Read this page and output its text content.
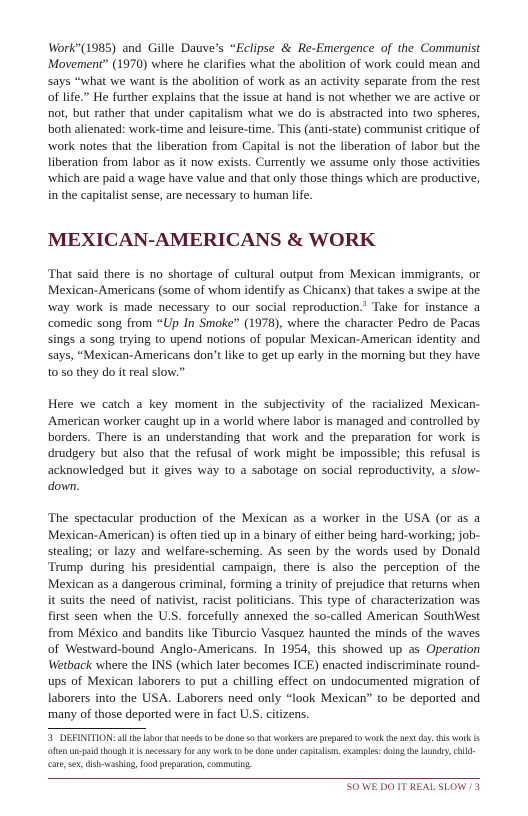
Work”(1985) and Gille Dauve’s “Eclipse & Re-Emergence of the Communist Movement” (1970) where he clarifies what the abolition of work could mean and says “what we want is the abolition of work as an activity separate from the rest of life.” He further explains that the issue at hand is not whether we are active or not, but rather that under capitalism what we do is abstracted into two spheres, both alienated: work-time and leisure-time. This (anti-state) communist critique of work notes that the liberation from Capital is not the liberation of labor but the liberation from labor as it now exists. Currently we assume only those activities which are paid a wage have value and that only those things which are productive, in the capitalist sense, are necessary to human life.

MEXICAN-AMERICANS & WORK

That said there is no shortage of cultural output from Mexican immigrants, or Mexican-Americans (some of whom identify as Chicanx) that takes a swipe at the way work is made necessary to our social reproduction.$^3$ Take for instance a comedic song from “Up In Smoke” (1978), where the character Pedro de Pacas sings a song trying to upend notions of popular Mexican-American identity and says, “Mexican-Americans don’t like to get up early in the morning but they have to so they do it real slow.”

Here we catch a key moment in the subjectivity of the racialized Mexican-American worker caught up in a world where labor is managed and controlled by borders. There is an understanding that work and the preparation for work is drudgery but also that the refusal of work might be impossible; this refusal is acknowledged but it gives way to a sabotage on social reproductivity, a slow-down.

The spectacular production of the Mexican as a worker in the USA (or as a Mexican-American) is often tied up in a binary of either being hard-working; job-stealing; or lazy and welfare-scheming. As seen by the words used by Donald Trump during his presidential campaign, there is also the perception of the Mexican as a dangerous criminal, forming a trinity of prejudice that returns when it suits the need of nativist, racist politicians. This type of characterization was first seen when the U.S. forcefully annexed the so-called American SouthWest from México and bandits like Tiburcio Vasquez haunted the minds of the waves of Westward-bound Anglo-Americans. In 1954, this showed up as Operation Wetback where the INS (which later becomes ICE) enacted indiscriminate round-ups of Mexican laborers to put a chilling effect on undocumented migration of laborers into the USA. Laborers need only “look Mexican” to be deported and many of those deported were in fact U.S. citizens.

3 DEFINITION: all the labor that needs to be done so that workers are prepared to work the next day. this work is often un-paid though it is necessary for any work to be done under capitalism. examples: doing the laundry, child-care, sex, dish-washing, food preparation, commuting.
SO WE DO IT REAL SLOW / 3
